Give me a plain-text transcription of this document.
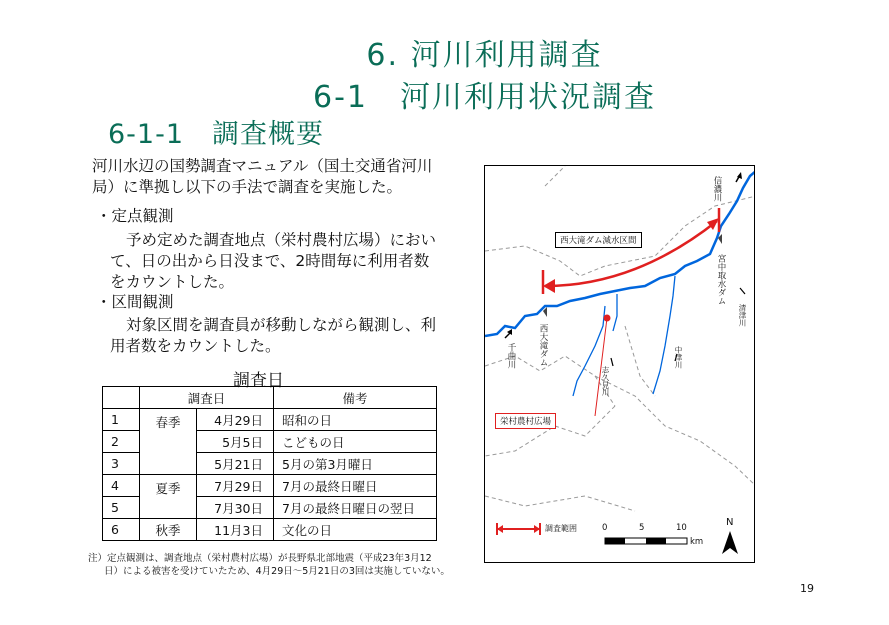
6. 河川利用調査
6-1　河川利用状況調査
6-1-1　調査概要
河川水辺の国勢調査マニュアル（国土交通省河川
局）に準拠し以下の手法で調査を実施した。
・定点観測
予め定めた調査地点（栄村農村広場）におい
て、日の出から日没まで、2時間毎に利用者数
をカウントした。
・区間観測
対象区間を調査員が移動しながら観測し、利
用者数をカウントした。
調査日
	調査日		備考
1	春季	4月29日	昭和の日
2		5月5日	こどもの日
3		5月21日	5月の第3月曜日
4	夏季	7月29日	7月の最終日曜日
5		7月30日	7月の最終日曜日の翌日
6	秋季	11月3日	文化の日
注）定点観測は、調査地点（栄村農村広場）が長野県北部地震（平成23年3月12
日）による被害を受けていたため、4月29日～5月21日の3回は実施していない。
西大滝ダム減水区間
栄村農村広場
信濃川
宮中取水ダム
千曲川	西大滝ダム
志久見川
中津川
清津川
調査範囲	0	5	10
km
N
19
